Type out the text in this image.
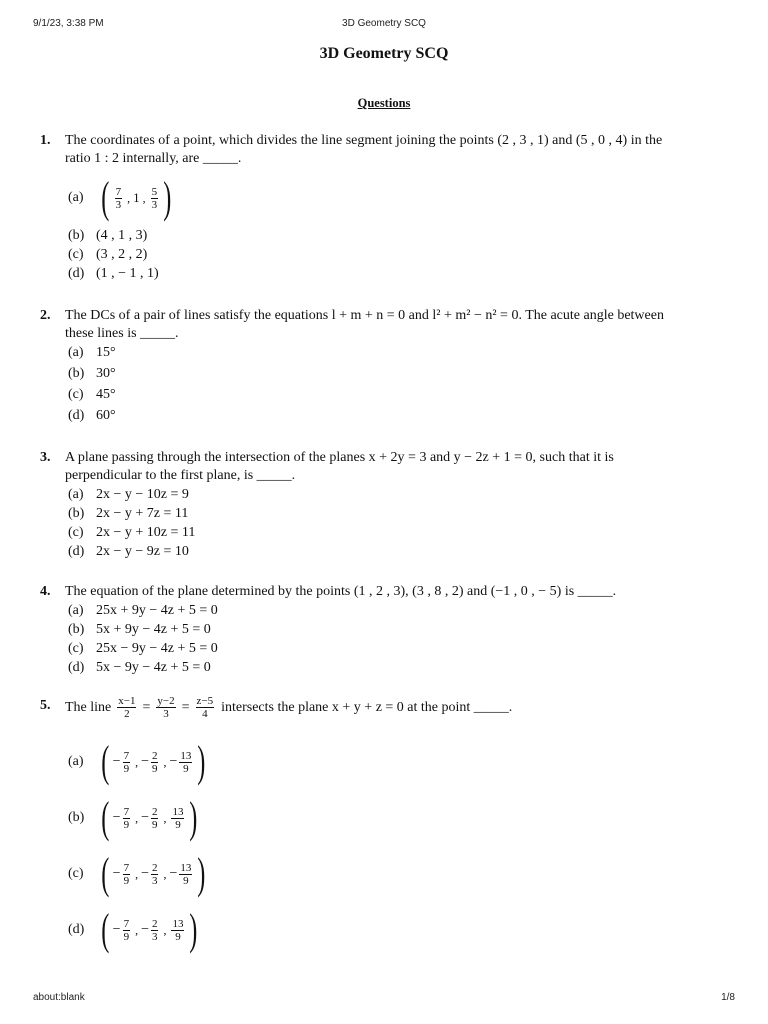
9/1/23, 3:38 PM	3D Geometry SCQ
3D Geometry SCQ
Questions
1.	The coordinates of a point, which divides the line segment joining the points (2 , 3 , 1) and (5 , 0 , 4) in the
ratio 1 : 2 internally, are _____.
(a) ( $\frac{7}{3}$ , 1 , $\frac{5}{3}$ )
(b) (4 , 1 , 3)
(c) (3 , 2 , 2)
(d) (1 , − 1 , 1)
2.	The DCs of a pair of lines satisfy the equations l + m + n = 0 and l² + m² − n² = 0. The acute angle between
these lines is _____.
(a) 15°
(b) 30°
(c) 45°
(d) 60°
3.	A plane passing through the intersection of the planes x + 2y = 3 and y − 2z + 1 = 0, such that it is
perpendicular to the first plane, is _____.
(a) 2x − y − 10z = 9
(b) 2x − y + 7z = 11
(c) 2x − y + 10z = 11
(d) 2x − y − 9z = 10
4.	The equation of the plane determined by the points (1 , 2 , 3), (3 , 8 , 2) and (−1 , 0 , − 5) is _____.
(a) 25x + 9y − 4z + 5 = 0
(b) 5x + 9y − 4z + 5 = 0
(c) 25x − 9y − 4z + 5 = 0
(d) 5x − 9y − 4z + 5 = 0
5.	The line $\frac{x-1}{2} = \frac{y-2}{3} = \frac{z-5}{4}$ intersects the plane x + y + z = 0 at the point _____.
(a) ( − $\frac{7}{9}$ , − $\frac{2}{9}$ , − $\frac{13}{9}$ )
(b) ( − $\frac{7}{9}$ , − $\frac{2}{9}$ , $\frac{13}{9}$ )
(c) ( − $\frac{7}{9}$ , − $\frac{2}{3}$ , − $\frac{13}{9}$ )
(d) ( − $\frac{7}{9}$ , − $\frac{2}{3}$ , $\frac{13}{9}$ )
about:blank	1/8
